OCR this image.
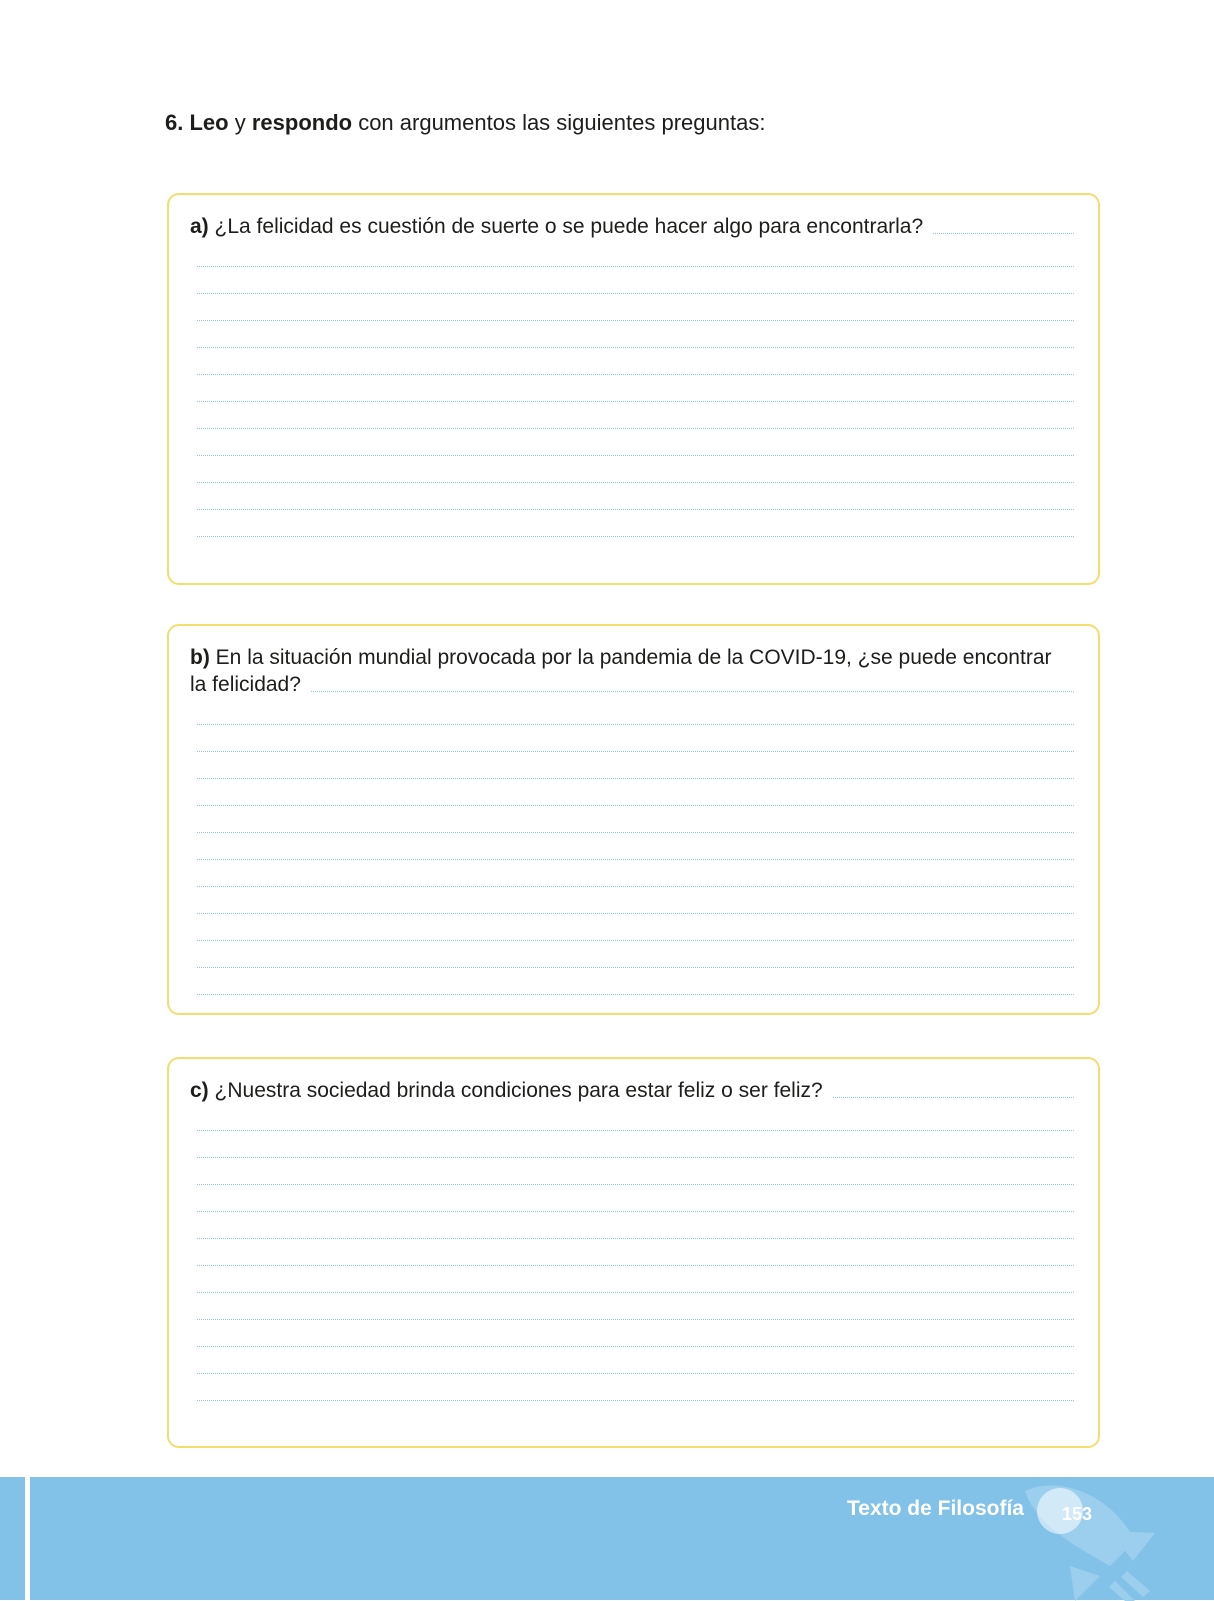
6. Leo y respondo con argumentos las siguientes preguntas:
a)
¿La felicidad es cuestión de suerte o se puede hacer algo para encontrarla?
b) En la situación mundial provocada por la pandemia de la COVID-19, ¿se puede encontrar
la felicidad?
c)
¿Nuestra sociedad brinda condiciones para estar feliz o ser feliz?
Texto de Filosofía 153
